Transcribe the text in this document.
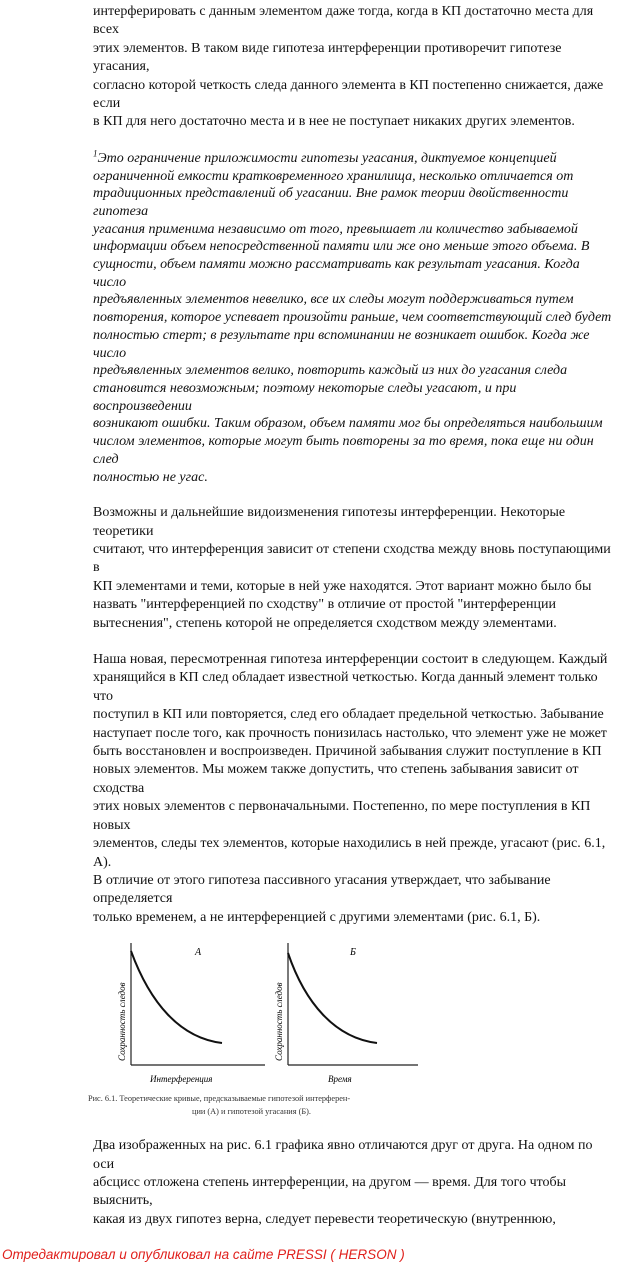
интерферировать с данным элементом даже тогда, когда в КП достаточно места для всех
этих элементов. В таком виде гипотеза интерференции противоречит гипотезе угасания,
согласно которой четкость следа данного элемента в КП постепенно снижается, даже если
в КП для него достаточно места и в нее не поступает никаких других элементов.
$^1$Это ограничение приложимости гипотезы угасания, диктуемое концепцией
ограниченной емкости кратковременного хранилища, несколько отличается от
традиционных представлений об угасании. Вне рамок теории двойственности гипотеза
угасания применима независимо от того, превышает ли количество забываемой
информации объем непосредственной памяти или же оно меньше этого объема. В
сущности, объем памяти можно рассматривать как результат угасания. Когда число
предъявленных элементов невелико, все их следы могут поддерживаться путем
повторения, которое успевает произойти раньше, чем соответствующий след будет
полностью стерт; в результате при вспоминании не возникает ошибок. Когда же число
предъявленных элементов велико, повторить каждый из них до угасания следа
становится невозможным; поэтому некоторые следы угасают, и при воспроизведении
возникают ошибки. Таким образом, объем памяти мог бы определяться наибольшим
числом элементов, которые могут быть повторены за то время, пока еще ни один след
полностью не угас.
Возможны и дальнейшие видоизменения гипотезы интерференции. Некоторые теоретики
считают, что интерференция зависит от степени сходства между вновь поступающими в
КП элементами и теми, которые в ней уже находятся. Этот вариант можно было бы
назвать "интерференцией по сходству" в отличие от простой "интерференции
вытеснения", степень которой не определяется сходством между элементами.
Наша новая, пересмотренная гипотеза интерференции состоит в следующем. Каждый
хранящийся в КП след обладает известной четкостью. Когда данный элемент только что
поступил в КП или повторяется, след его обладает предельной четкостью. Забывание
наступает после того, как прочность понизилась настолько, что элемент уже не может
быть восстановлен и воспроизведен. Причиной забывания служит поступление в КП
новых элементов. Мы можем также допустить, что степень забывания зависит от сходства
этих новых элементов с первоначальными. Постепенно, по мере поступления в КП новых
элементов, следы тех элементов, которые находились в ней прежде, угасают (рис. 6.1, А).
В отличие от этого гипотеза пассивного угасания утверждает, что забывание определяется
только временем, а не интерференцией с другими элементами (рис. 6.1, Б).
А
Сохранность следов
Интерференция
Б
Сохранность следов
Время
Рис. 6.1. Теоретические кривые, предсказываемые гипотезой интерферен-
ции (А) и гипотезой угасания (Б).
Два изображенных на рис. 6.1 графика явно отличаются друг от друга. На одном по оси
абсцисс отложена степень интерференции, на другом — время. Для того чтобы выяснить,
какая из двух гипотез верна, следует перевести теоретическую (внутреннюю,
Отредактировал и опубликовал на сайте PRESSI ( HERSON )
